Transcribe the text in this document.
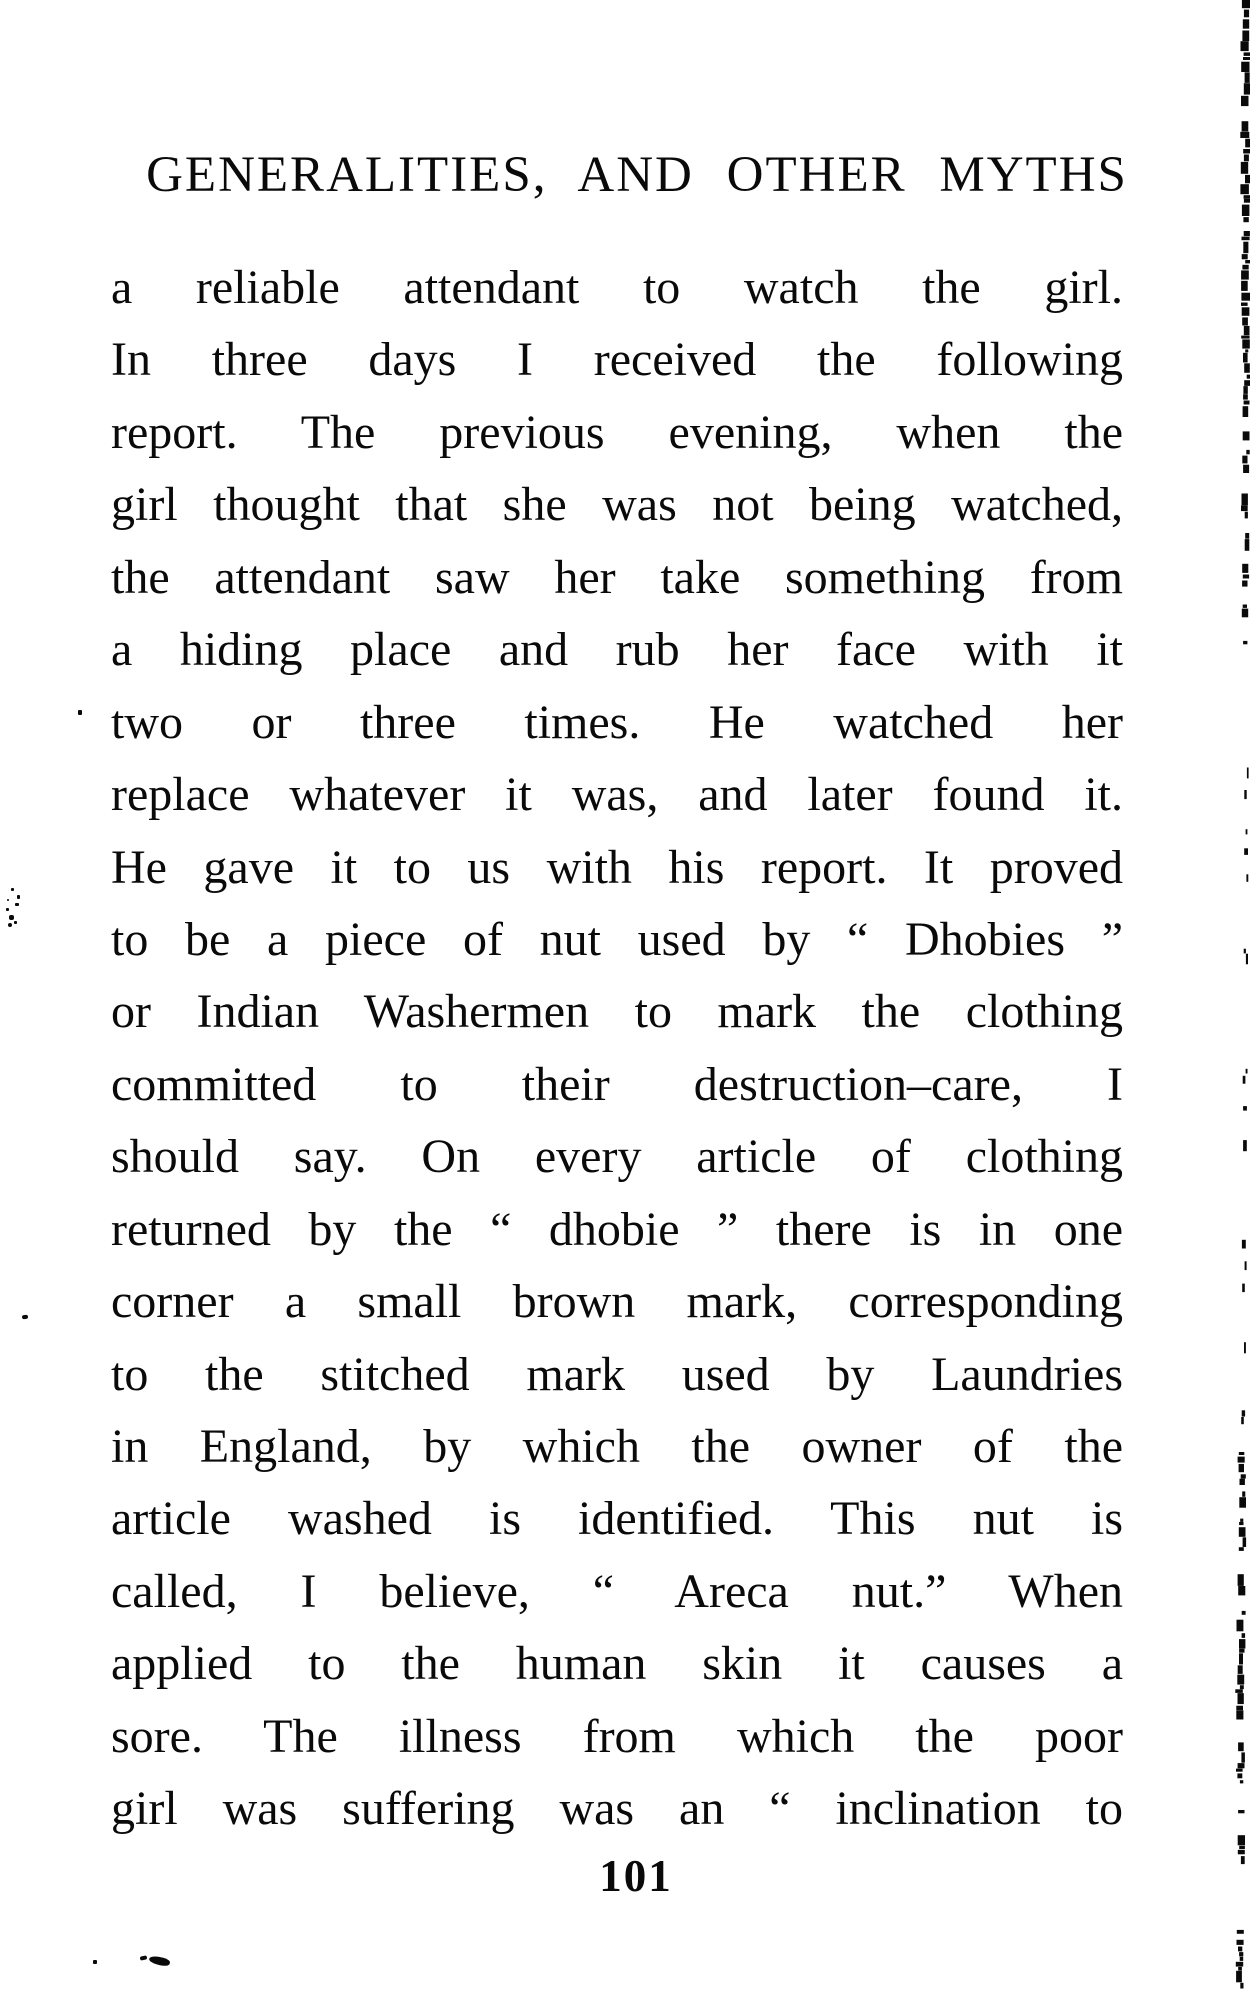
GENERALITIES, AND OTHER MYTHS
a reliable attendant to watch the girl.
In three days I received the following
report. The previous evening, when the
girl thought that she was not being watched,
the attendant saw her take something from
a hiding place and rub her face with it
two or three times. He watched her
replace whatever it was, and later found it.
He gave it to us with his report. It proved
to be a piece of nut used by “ Dhobies ”
or Indian Washermen to mark the clothing
committed to their destruction–care, I
should say. On every article of clothing
returned by the “ dhobie ” there is in one
corner a small brown mark, corresponding
to the stitched mark used by Laundries
in England, by which the owner of the
article washed is identified. This nut is
called, I believe, “ Areca nut.” When
applied to the human skin it causes a
sore. The illness from which the poor
girl was suffering was an “ inclination to
101
